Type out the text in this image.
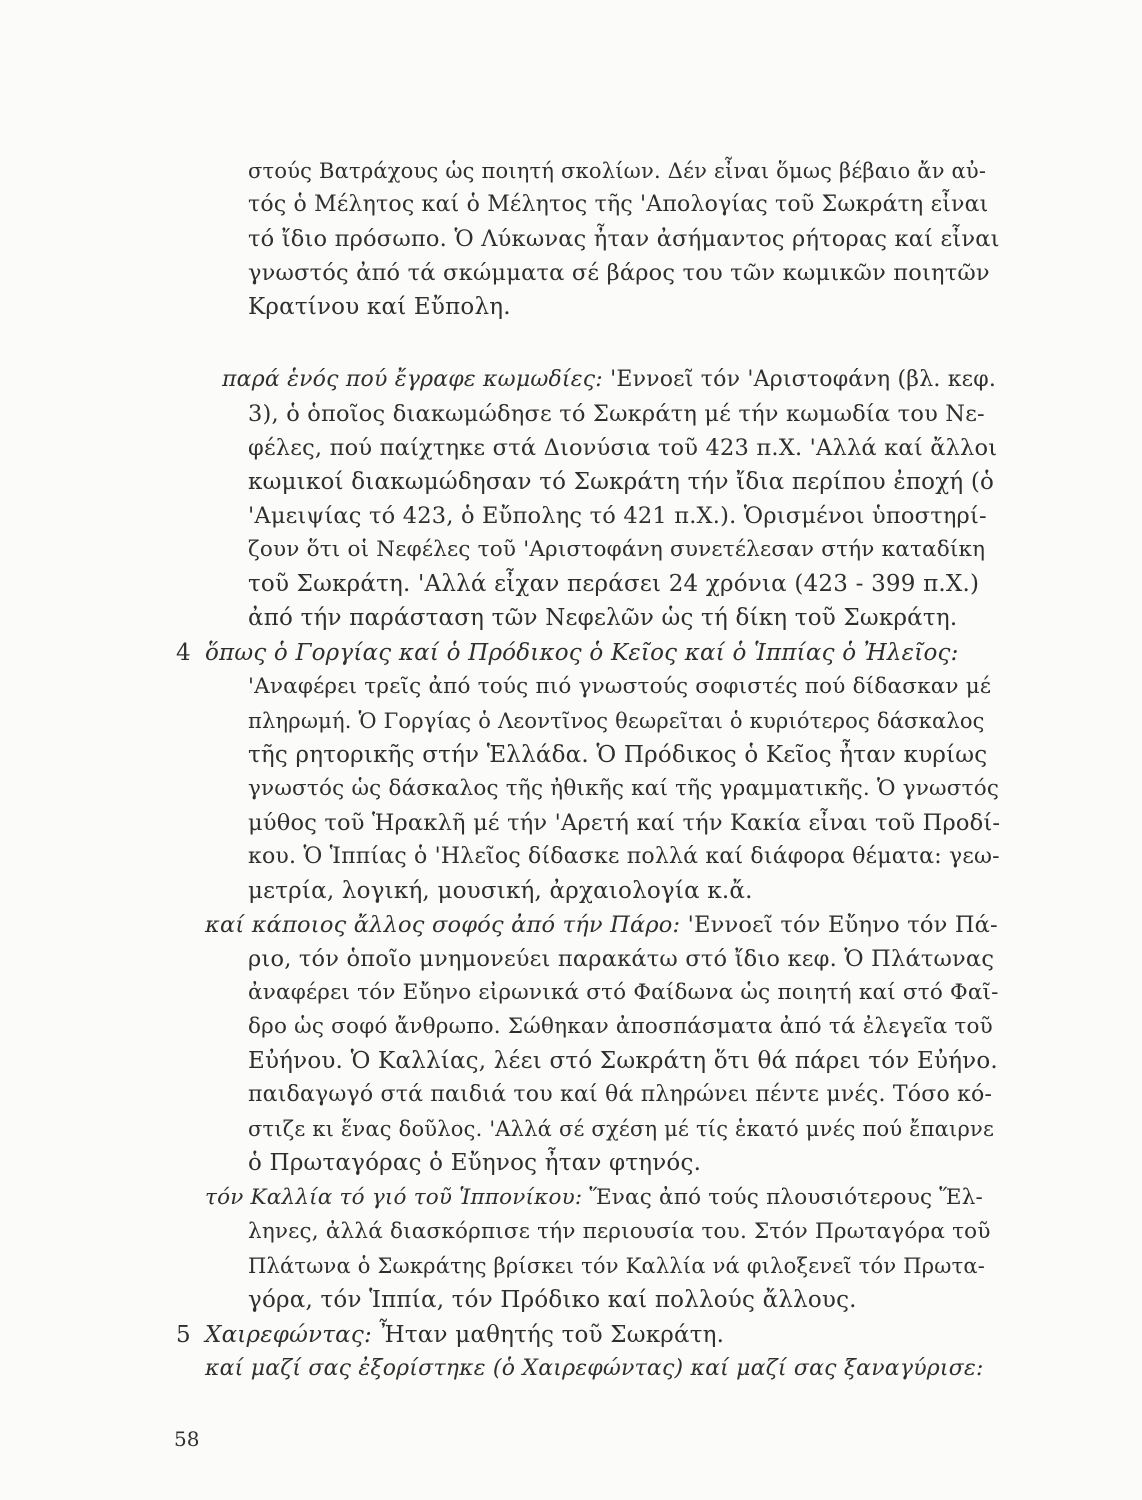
στούς Βατράχους ὡς ποιητή σκολίων. Δέν εἶναι ὅμως βέβαιο ἄν αὐ-
τός ὁ Μέλητος καί ὁ Μέλητος τῆς 'Απολογίας τοῦ Σωκράτη εἶναι
τό ἴδιο πρόσωπο. Ὁ Λύκωνας ἦταν ἀσήμαντος ρήτορας καί εἶναι
γνωστός ἀπό τά σκώμματα σέ βάρος του τῶν κωμικῶν ποιητῶν
Κρατίνου καί Εὔπολη.
παρά ἑνός πού ἔγραφε κωμωδίες: 'Εννοεῖ τόν 'Αριστοφάνη (βλ. κεφ.
3), ὁ ὁποῖος διακωμώδησε τό Σωκράτη μέ τήν κωμωδία του Νε-
φέλες, πού παίχτηκε στά Διονύσια τοῦ 423 π.Χ. 'Αλλά καί ἄλλοι
κωμικοί διακωμώδησαν τό Σωκράτη τήν ἴδια περίπου ἐποχή (ὁ
'Αμειψίας τό 423, ὁ Εὔπολης τό 421 π.Χ.). Ὁρισμένοι ὑποστηρί-
ζουν ὅτι οἱ Νεφέλες τοῦ 'Αριστοφάνη συνετέλεσαν στήν καταδίκη
τοῦ Σωκράτη. 'Αλλά εἶχαν περάσει 24 χρόνια (423 - 399 π.Χ.)
ἀπό τήν παράσταση τῶν Νεφελῶν ὡς τή δίκη τοῦ Σωκράτη.
4 ὅπως ὁ Γοργίας καί ὁ Πρόδικος ὁ Κεῖος καί ὁ Ἱππίας ὁ Ἠλεῖος:
'Αναφέρει τρεῖς ἀπό τούς πιό γνωστούς σοφιστές πού δίδασκαν μέ
πληρωμή. Ὁ Γοργίας ὁ Λεοντῖνος θεωρεῖται ὁ κυριότερος δάσκαλος
τῆς ρητορικῆς στήν Ἑλλάδα. Ὁ Πρόδικος ὁ Κεῖος ἦταν κυρίως
γνωστός ὡς δάσκαλος τῆς ἠθικῆς καί τῆς γραμματικῆς. Ὁ γνωστός
μύθος τοῦ Ἡρακλῆ μέ τήν 'Αρετή καί τήν Κακία εἶναι τοῦ Προδί-
κου. Ὁ Ἱππίας ὁ 'Ηλεῖος δίδασκε πολλά καί διάφορα θέματα: γεω-
μετρία, λογική, μουσική, ἀρχαιολογία κ.ἄ.
καί κάποιος ἄλλος σοφός ἀπό τήν Πάρο: 'Εννοεῖ τόν Εὔηνο τόν Πά-
ριο, τόν ὁποῖο μνημονεύει παρακάτω στό ἴδιο κεφ. Ὁ Πλάτωνας
ἀναφέρει τόν Εὔηνο εἰρωνικά στό Φαίδωνα ὡς ποιητή καί στό Φαῖ-
δρο ὡς σοφό ἄνθρωπο. Σώθηκαν ἀποσπάσματα ἀπό τά ἐλεγεῖα τοῦ
Εὐήνου. Ὁ Καλλίας, λέει στό Σωκράτη ὅτι θά πάρει τόν Εὐήνο.
παιδαγωγό στά παιδιά του καί θά πληρώνει πέντε μνές. Τόσο κό-
στιζε κι ἕνας δοῦλος. 'Αλλά σέ σχέση μέ τίς ἑκατό μνές πού ἔπαιρνε
ὁ Πρωταγόρας ὁ Εὔηνος ἦταν φτηνός.
τόν Καλλία τό γιό τοῦ Ἱππονίκου: Ἕνας ἀπό τούς πλουσιότερους Ἕλ-
ληνες, ἀλλά διασκόρπισε τήν περιουσία του. Στόν Πρωταγόρα τοῦ
Πλάτωνα ὁ Σωκράτης βρίσκει τόν Καλλία νά φιλοξενεῖ τόν Πρωτα-
γόρα, τόν Ἱππία, τόν Πρόδικο καί πολλούς ἄλλους.
5 Χαιρεφώντας: Ἦταν μαθητής τοῦ Σωκράτη.
καί μαζί σας ἐξορίστηκε (ὁ Χαιρεφώντας) καί μαζί σας ξαναγύρισε:
58
